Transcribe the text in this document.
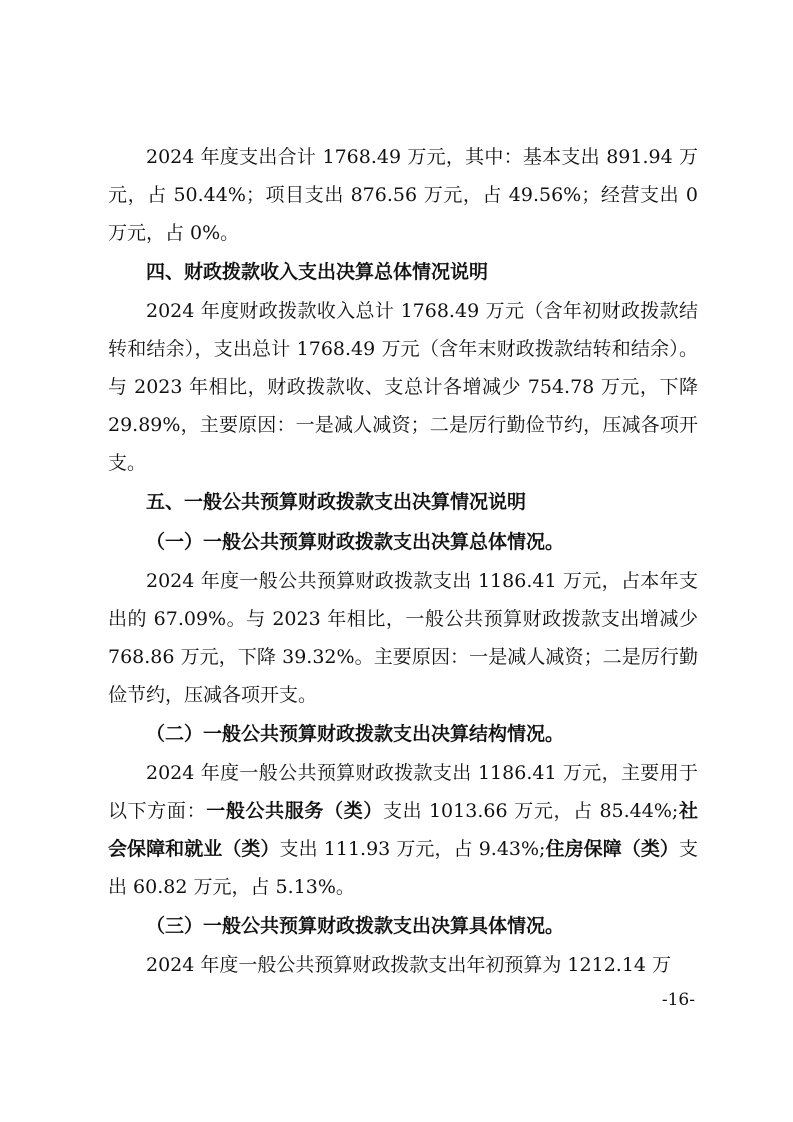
2024 年度支出合计 1768.49 万元，其中：基本支出 891.94 万元，占 50.44%；项目支出 876.56 万元，占 49.56%；经营支出 0 万元，占 0%。

四、财政拨款收入支出决算总体情况说明

2024 年度财政拨款收入总计 1768.49 万元（含年初财政拨款结转和结余），支出总计 1768.49 万元（含年末财政拨款结转和结余）。与 2023 年相比，财政拨款收、支总计各增减少 754.78 万元，下降 29.89%，主要原因：一是减人减资；二是厉行勤俭节约，压减各项开支。

五、一般公共预算财政拨款支出决算情况说明

（一）一般公共预算财政拨款支出决算总体情况。

2024 年度一般公共预算财政拨款支出 1186.41 万元，占本年支出的 67.09%。与 2023 年相比，一般公共预算财政拨款支出增减少 768.86 万元，下降 39.32%。主要原因：一是减人减资；二是厉行勤俭节约，压减各项开支。

（二）一般公共预算财政拨款支出决算结构情况。

2024 年度一般公共预算财政拨款支出 1186.41 万元，主要用于以下方面：一般公共服务（类）支出 1013.66 万元，占 85.44%;社会保障和就业（类）支出 111.93 万元，占 9.43%;住房保障（类）支出 60.82 万元，占 5.13%。

（三）一般公共预算财政拨款支出决算具体情况。

2024 年度一般公共预算财政拨款支出年初预算为 1212.14 万

-16-
